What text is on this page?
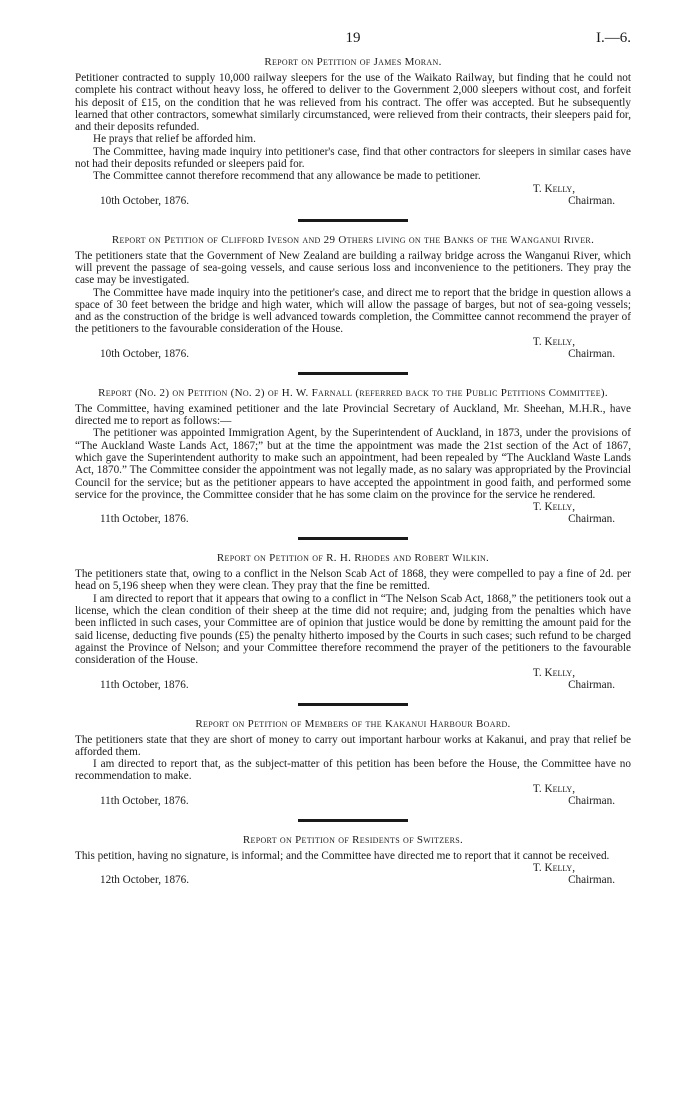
19	I.—6.
Report on Petition of James Moran.

Petitioner contracted to supply 10,000 railway sleepers for the use of the Waikato Railway, but finding that he could not complete his contract without heavy loss, he offered to deliver to the Government 2,000 sleepers without cost, and forfeit his deposit of £15, on the condition that he was relieved from his contract. The offer was accepted. But he subsequently learned that other contractors, somewhat similarly circumstanced, were relieved from their contracts, their sleepers paid for, and their deposits refunded.

He prays that relief be afforded him.

The Committee, having made inquiry into petitioner's case, find that other contractors for sleepers in similar cases have not had their deposits refunded or sleepers paid for.

The Committee cannot therefore recommend that any allowance be made to petitioner.

T. Kelly,
10th October, 1876.	Chairman.
Report on Petition of Clifford Iveson and 29 Others living on the Banks of the Wanganui River.

The petitioners state that the Government of New Zealand are building a railway bridge across the Wanganui River, which will prevent the passage of sea-going vessels, and cause serious loss and inconvenience to the petitioners. They pray the case may be investigated.

The Committee have made inquiry into the petitioner's case, and direct me to report that the bridge in question allows a space of 30 feet between the bridge and high water, which will allow the passage of barges, but not of sea-going vessels; and as the construction of the bridge is well advanced towards completion, the Committee cannot recommend the prayer of the petitioners to the favourable consideration of the House.

T. Kelly,
10th October, 1876.	Chairman.
Report (No. 2) on Petition (No. 2) of H. W. Farnall (referred back to the Public Petitions Committee).

The Committee, having examined petitioner and the late Provincial Secretary of Auckland, Mr. Sheehan, M.H.R., have directed me to report as follows:—

The petitioner was appointed Immigration Agent, by the Superintendent of Auckland, in 1873, under the provisions of “The Auckland Waste Lands Act, 1867;” but at the time the appointment was made the 21st section of the Act of 1867, which gave the Superintendent authority to make such an appointment, had been repealed by “The Auckland Waste Lands Act, 1870.” The Committee consider the appointment was not legally made, as no salary was appropriated by the Provincial Council for the service; but as the petitioner appears to have accepted the appointment in good faith, and performed some service for the province, the Committee consider that he has some claim on the province for the service he rendered.

T. Kelly,
11th October, 1876.	Chairman.
Report on Petition of R. H. Rhodes and Robert Wilkin.

The petitioners state that, owing to a conflict in the Nelson Scab Act of 1868, they were compelled to pay a fine of 2d. per head on 5,196 sheep when they were clean. They pray that the fine be remitted.

I am directed to report that it appears that owing to a conflict in “The Nelson Scab Act, 1868,” the petitioners took out a license, which the clean condition of their sheep at the time did not require; and, judging from the penalties which have been inflicted in such cases, your Committee are of opinion that justice would be done by remitting the amount paid for the said license, deducting five pounds (£5) the penalty hitherto imposed by the Courts in such cases; such refund to be charged against the Province of Nelson; and your Committee therefore recommend the prayer of the petitioners to the favourable consideration of the House.

T. Kelly,
11th October, 1876.	Chairman.
Report on Petition of Members of the Kakanui Harbour Board.

The petitioners state that they are short of money to carry out important harbour works at Kakanui, and pray that relief be afforded them.

I am directed to report that, as the subject-matter of this petition has been before the House, the Committee have no recommendation to make.

T. Kelly,
11th October, 1876.	Chairman.
Report on Petition of Residents of Switzers.

This petition, having no signature, is informal; and the Committee have directed me to report that it cannot be received.

T. Kelly,
12th October, 1876.	Chairman.
